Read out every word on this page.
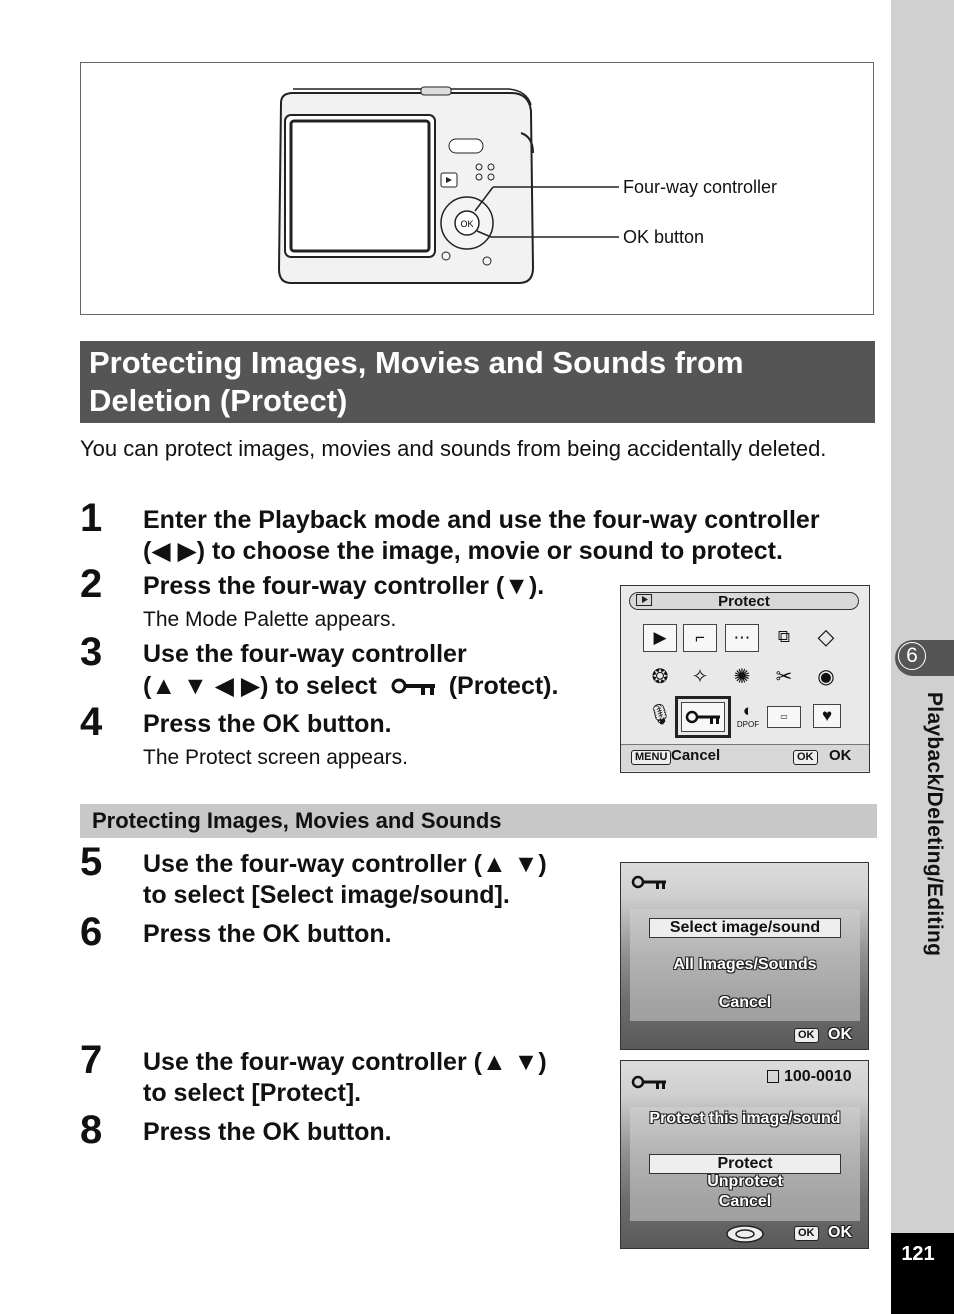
OK
Four-way controller
OK button
Protecting Images, Movies and Sounds from
Deletion (Protect)
You can protect images, movies and sounds from being accidentally deleted.
1 Enter the Playback mode and use the four-way controller
(◀ ▶) to choose the image, movie or sound to protect.
2 Press the four-way controller (▼).
The Mode Palette appears.
3 Use the four-way controller
(▲ ▼ ◀ ▶) to select	(Protect).
4 Press the OK button.
The Protect screen appears.
Protect
▶	⌐	⋯	⧉	◇
❂	✧	✺	✂	◉
🎙	◐
DPOF
▭	♥
MENU Cancel	OK OK
Protecting Images, Movies and Sounds
5 Use the four-way controller (▲ ▼)
to select [Select image/sound].
6 Press the OK button.
7 Use the four-way controller (▲ ▼)
to select [Protect].
8 Press the OK button.
Select image/sound
All Images/Sounds
Cancel
OK OK
100-0010
Protect this image/sound
Protect
Unprotect
Cancel
OK OK
6
Playback/Deleting/Editing
121
